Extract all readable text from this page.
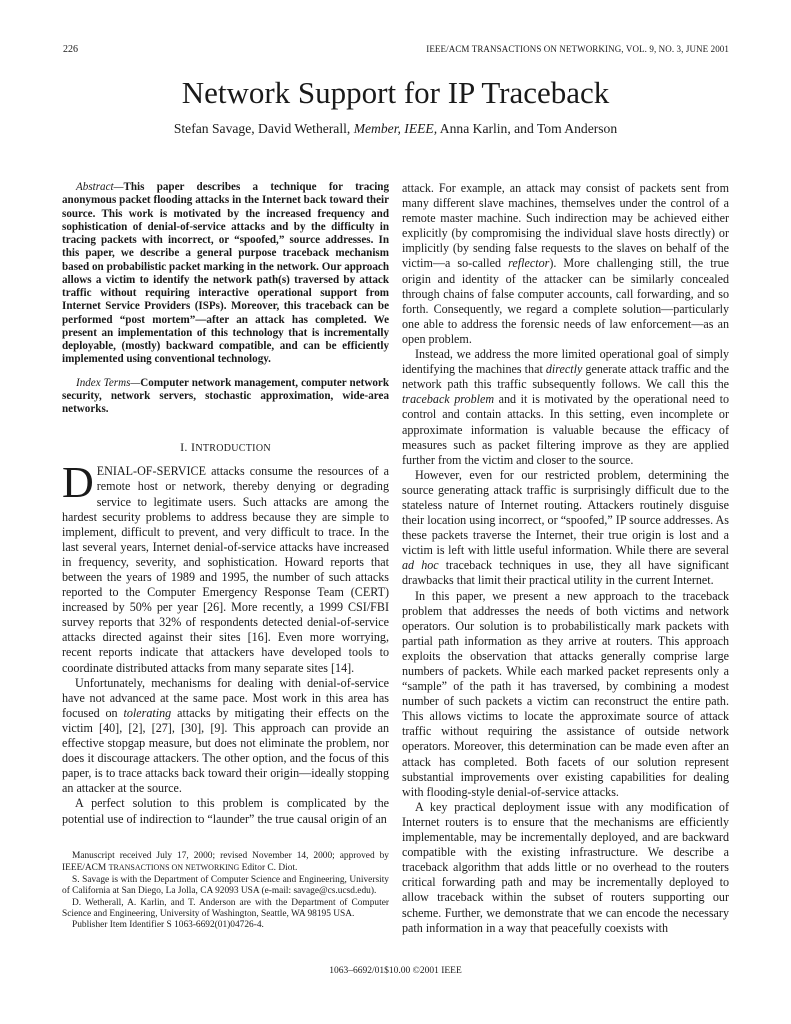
226	IEEE/ACM TRANSACTIONS ON NETWORKING, VOL. 9, NO. 3, JUNE 2001
Network Support for IP Traceback
Stefan Savage, David Wetherall, Member, IEEE, Anna Karlin, and Tom Anderson

Abstract—This paper describes a technique for tracing anonymous packet flooding attacks in the Internet back toward their source. This work is motivated by the increased frequency and sophistication of denial-of-service attacks and by the difficulty in tracing packets with incorrect, or “spoofed,” source addresses. In this paper, we describe a general purpose traceback mechanism based on probabilistic packet marking in the network. Our approach allows a victim to identify the network path(s) traversed by attack traffic without requiring interactive operational support from Internet Service Providers (ISPs). Moreover, this traceback can be performed “post mortem”—after an attack has completed. We present an implementation of this technology that is incrementally deployable, (mostly) backward compatible, and can be efficiently implemented using conventional technology.

Index Terms—Computer network management, computer network security, network servers, stochastic approximation, wide-area networks.

I. INTRODUCTION

DENIAL-OF-SERVICE attacks consume the resources of a remote host or network, thereby denying or degrading service to legitimate users. Such attacks are among the hardest security problems to address because they are simple to implement, difficult to prevent, and very difficult to trace. In the last several years, Internet denial-of-service attacks have increased in frequency, severity, and sophistication. Howard reports that between the years of 1989 and 1995, the number of such attacks reported to the Computer Emergency Response Team (CERT) increased by 50% per year [26]. More recently, a 1999 CSI/FBI survey reports that 32% of respondents detected denial-of-service attacks directed against their sites [16]. Even more worrying, recent reports indicate that attackers have developed tools to coordinate distributed attacks from many separate sites [14].

Unfortunately, mechanisms for dealing with denial-of-service have not advanced at the same pace. Most work in this area has focused on tolerating attacks by mitigating their effects on the victim [40], [2], [27], [30], [9]. This approach can provide an effective stopgap measure, but does not eliminate the problem, nor does it discourage attackers. The other option, and the focus of this paper, is to trace attacks back toward their origin—ideally stopping an attacker at the source.

A perfect solution to this problem is complicated by the potential use of indirection to “launder” the true causal origin of an

Manuscript received July 17, 2000; revised November 14, 2000; approved by IEEE/ACM TRANSACTIONS ON NETWORKING Editor C. Diot.

S. Savage is with the Department of Computer Science and Engineering, University of California at San Diego, La Jolla, CA 92093 USA (e-mail: savage@cs.ucsd.edu).

D. Wetherall, A. Karlin, and T. Anderson are with the Department of Computer Science and Engineering, University of Washington, Seattle, WA 98195 USA.

Publisher Item Identifier S 1063-6692(01)04726-4.

attack. For example, an attack may consist of packets sent from many different slave machines, themselves under the control of a remote master machine. Such indirection may be achieved either explicitly (by compromising the individual slave hosts directly) or implicitly (by sending false requests to the slaves on behalf of the victim—a so-called reflector). More challenging still, the true origin and identity of the attacker can be similarly concealed through chains of false computer accounts, call forwarding, and so forth. Consequently, we regard a complete solution—particularly one able to address the forensic needs of law enforcement—as an open problem.

Instead, we address the more limited operational goal of simply identifying the machines that directly generate attack traffic and the network path this traffic subsequently follows. We call this the traceback problem and it is motivated by the operational need to control and contain attacks. In this setting, even incomplete or approximate information is valuable because the efficacy of measures such as packet filtering improve as they are applied further from the victim and closer to the source.

However, even for our restricted problem, determining the source generating attack traffic is surprisingly difficult due to the stateless nature of Internet routing. Attackers routinely disguise their location using incorrect, or “spoofed,” IP source addresses. As these packets traverse the Internet, their true origin is lost and a victim is left with little useful information. While there are several ad hoc traceback techniques in use, they all have significant drawbacks that limit their practical utility in the current Internet.

In this paper, we present a new approach to the traceback problem that addresses the needs of both victims and network operators. Our solution is to probabilistically mark packets with partial path information as they arrive at routers. This approach exploits the observation that attacks generally comprise large numbers of packets. While each marked packet represents only a “sample” of the path it has traversed, by combining a modest number of such packets a victim can reconstruct the entire path. This allows victims to locate the approximate source of attack traffic without requiring the assistance of outside network operators. Moreover, this determination can be made even after an attack has completed. Both facets of our solution represent substantial improvements over existing capabilities for dealing with flooding-style denial-of-service attacks.

A key practical deployment issue with any modification of Internet routers is to ensure that the mechanisms are efficiently implementable, may be incrementally deployed, and are backward compatible with the existing infrastructure. We describe a traceback algorithm that adds little or no overhead to the routers critical forwarding path and may be incrementally deployed to allow traceback within the subset of routers supporting our scheme. Further, we demonstrate that we can encode the necessary path information in a way that peacefully coexists with

1063–6692/01$10.00 ©2001 IEEE
